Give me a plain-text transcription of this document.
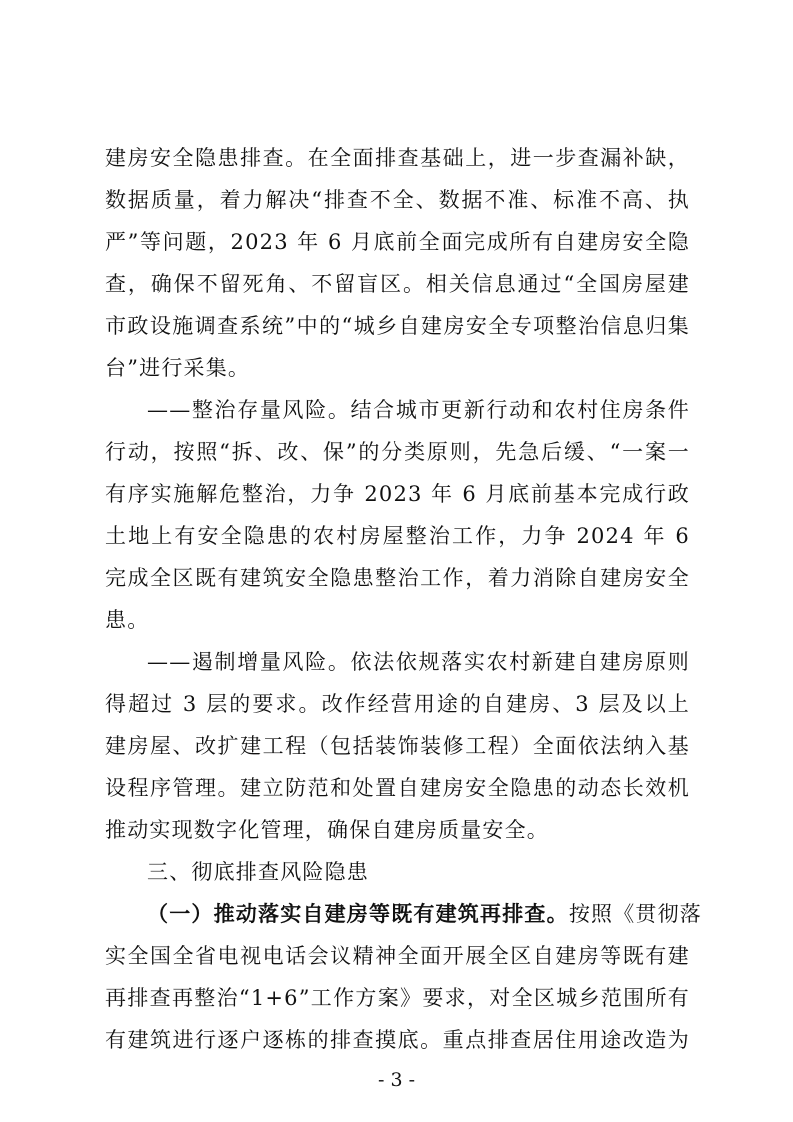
建房安全隐患排查。在全面排查基础上，进一步查漏补缺，
数据质量，着力解决“排查不全、数据不准、标准不高、执
严”等问题，2023 年 6 月底前全面完成所有自建房安全隐
查，确保不留死角、不留盲区。相关信息通过“全国房屋建
市政设施调查系统”中的“城乡自建房安全专项整治信息归集
台”进行采集。
——整治存量风险。结合城市更新行动和农村住房条件
行动，按照“拆、改、保”的分类原则，先急后缓、“一案一
有序实施解危整治，力争 2023 年 6 月底前基本完成行政
土地上有安全隐患的农村房屋整治工作，力争 2024 年 6
完成全区既有建筑安全隐患整治工作，着力消除自建房安全
患。
——遏制增量风险。依法依规落实农村新建自建房原则
得超过 3 层的要求。改作经营用途的自建房、3 层及以上
建房屋、改扩建工程（包括装饰装修工程）全面依法纳入基
设程序管理。建立防范和处置自建房安全隐患的动态长效机
推动实现数字化管理，确保自建房质量安全。
三、彻底排查风险隐患
（一）推动落实自建房等既有建筑再排查。按照《贯彻落
实全国全省电视电话会议精神全面开展全区自建房等既有建
再排查再整治“1+6”工作方案》要求，对全区城乡范围所有
有建筑进行逐户逐栋的排查摸底。重点排查居住用途改造为
- 3 -
